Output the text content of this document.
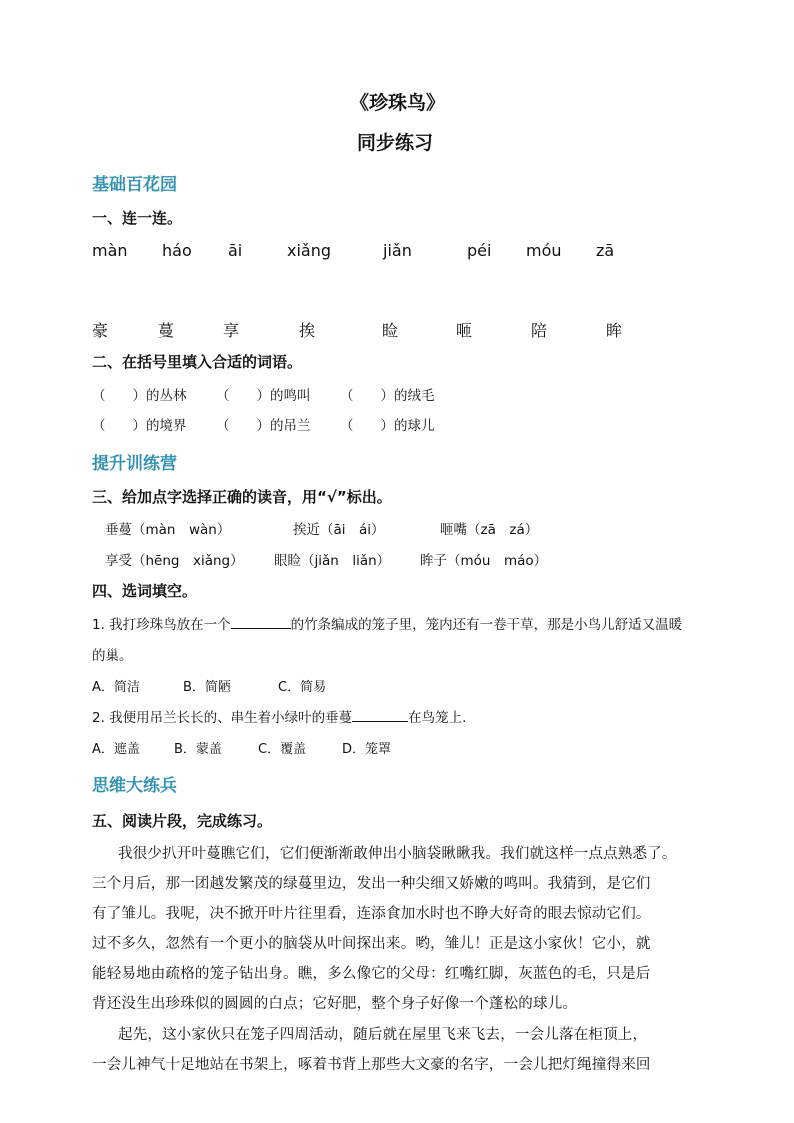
《珍珠鸟》
同步练习
基础百花园
一、连一连。
màn háo āi	xiǎng	jiǎn	péi móu zā
豪	蔓	享	挨	睑	咂	陪	眸
二、在括号里填入合适的词语。
（　　）的丛林 （　　）的鸣叫 （　　）的绒毛
（　　）的境界 （　　）的吊兰 （　　）的球儿
提升训练营
三、给加点字选择正确的读音，用“√”标出。
垂蔓（màn　wàn）	挨近（āi　ái）	咂嘴（zā　zá）
享受（hēng　xiǎng） 眼睑（jiǎn　liǎn） 眸子（móu　máo）
四、选词填空。
1. 我打珍珠鸟放在一个	的竹条编成的笼子里，笼内还有一卷干草，那是小鸟儿舒适又温暖
的巢。
A．简洁	B．简陋	C．简易
2. 我便用吊兰长长的、串生着小绿叶的垂蔓	在鸟笼上.
A．遮盖	B．蒙盖	C．覆盖	D．笼罩
思维大练兵
五、阅读片段，完成练习。
我很少扒开叶蔓瞧它们，它们便渐渐敢伸出小脑袋瞅瞅我。我们就这样一点点熟悉了。
三个月后，那一团越发繁茂的绿蔓里边，发出一种尖细又娇嫩的鸣叫。我猜到，是它们
有了雏儿。我呢，决不掀开叶片往里看，连添食加水时也不睁大好奇的眼去惊动它们。
过不多久，忽然有一个更小的脑袋从叶间探出来。哟，雏儿！正是这小家伙！它小，就
能轻易地由疏格的笼子钻出身。瞧，多么像它的父母：红嘴红脚，灰蓝色的毛，只是后
背还没生出珍珠似的圆圆的白点；它好肥，整个身子好像一个蓬松的球儿。
起先，这小家伙只在笼子四周活动，随后就在屋里飞来飞去，一会儿落在柜顶上，
一会儿神气十足地站在书架上，啄着书背上那些大文豪的名字，一会儿把灯绳撞得来回
